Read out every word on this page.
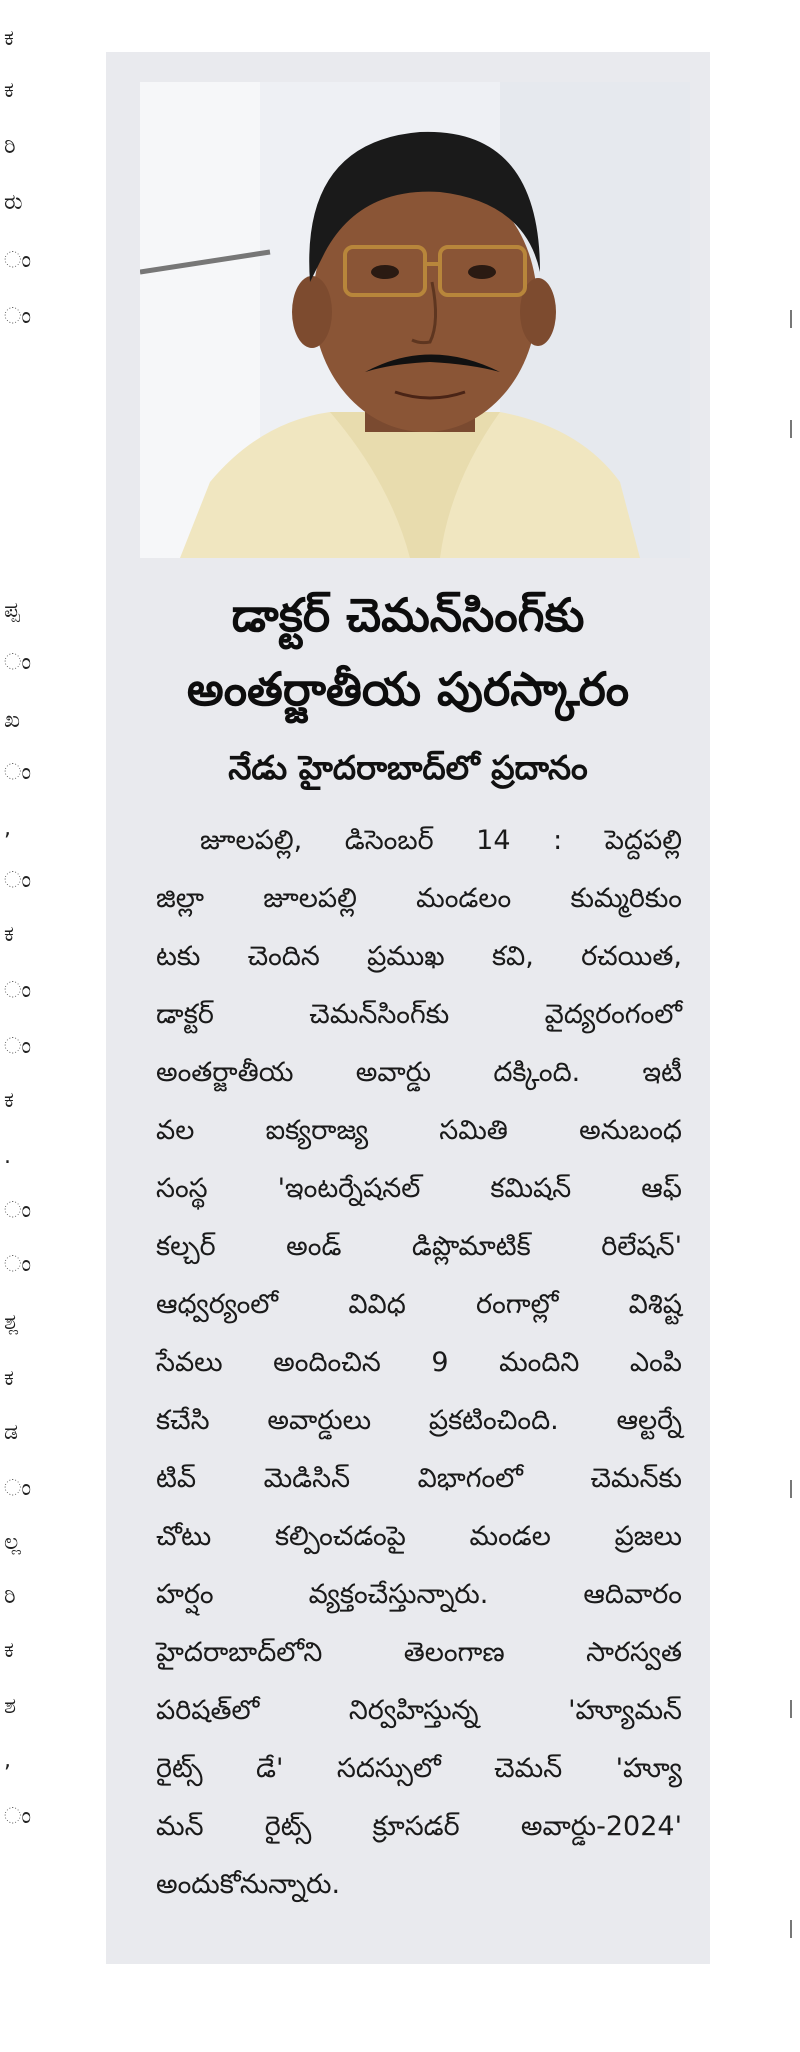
ಕ
ಕ
ರಿ
ರು
ಂ
ಂ
ಪ್ಪ
ಂ
ಖ
ಂ
,
ಂ
ಕ
ಂ
ಂ
ಕ
.
ಂ
ಂ
ಶ್ಲ
ಕ
ಡ
ಂ
ಲ್ಲ
ರಿ
ಕ
ಶ
,
ಂ
డాక్టర్ చెమన్‌సింగ్‌కు
అంతర్జాతీయ పురస్కారం
నేడు హైదరాబాద్‌లో ప్రదానం
జూలపల్లి, డిసెంబర్ 14 : పెద్దపల్లి
జిల్లా జూలపల్లి మండలం కుమ్మరికుం
టకు చెందిన ప్రముఖ కవి, రచయిత,
డాక్టర్ చెమన్‌సింగ్‌కు వైద్యరంగంలో
అంతర్జాతీయ అవార్డు దక్కింది. ఇటీ
వల ఐక్యరాజ్య సమితి అనుబంధ
సంస్థ 'ఇంటర్నేషనల్ కమిషన్ ఆఫ్
కల్చర్ అండ్ డిప్లొమాటిక్ రిలేషన్'
ఆధ్వర్యంలో వివిధ రంగాల్లో విశిష్ట
సేవలు అందించిన 9 మందిని ఎంపి
కచేసి అవార్డులు ప్రకటించింది. ఆల్టర్నే
టివ్ మెడిసిన్ విభాగంలో చెమన్‌కు
చోటు కల్పించడంపై మండల ప్రజలు
హర్షం వ్యక్తంచేస్తున్నారు. ఆదివారం
హైదరాబాద్‌లోని తెలంగాణ సారస్వత
పరిషత్‌లో నిర్వహిస్తున్న 'హ్యూమన్
రైట్స్ డే' సదస్సులో చెమన్ 'హ్యూ
మన్ రైట్స్ క్రూసడర్ అవార్డు-2024'
అందుకోనున్నారు.
